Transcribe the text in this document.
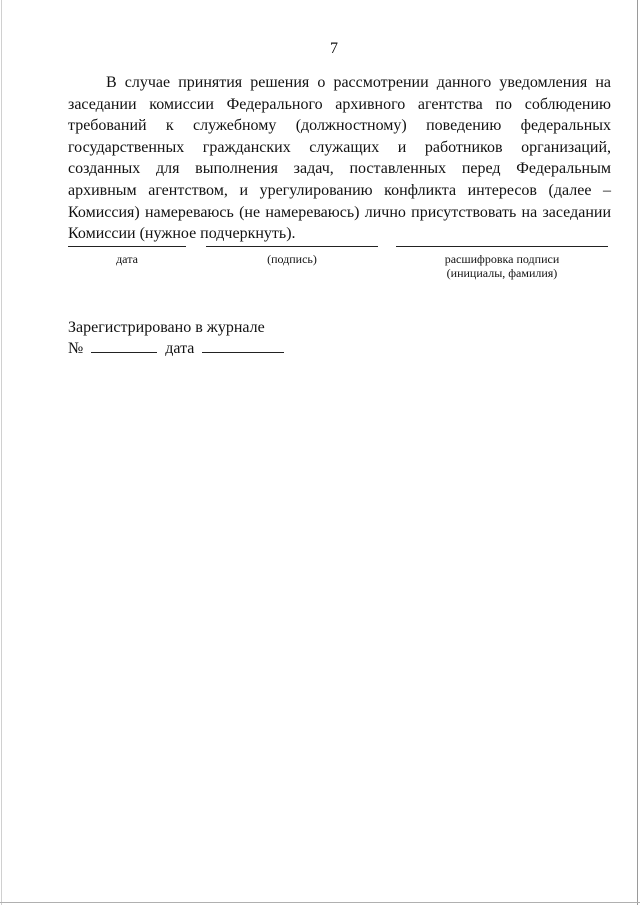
7

В случае принятия решения о рассмотрении данного уведомления на заседании комиссии Федерального архивного агентства по соблюдению требований к служебному (должностному) поведению федеральных государственных гражданских служащих и работников организаций, созданных для выполнения задач, поставленных перед Федеральным архивным агентством, и урегулированию конфликта интересов (далее – Комиссия) намереваюсь (не намереваюсь) лично присутствовать на заседании Комиссии (нужное подчеркнуть).

дата	(подпись)	расшифровка подписи
(инициалы, фамилия)
Зарегистрировано в журнале
№	дата
